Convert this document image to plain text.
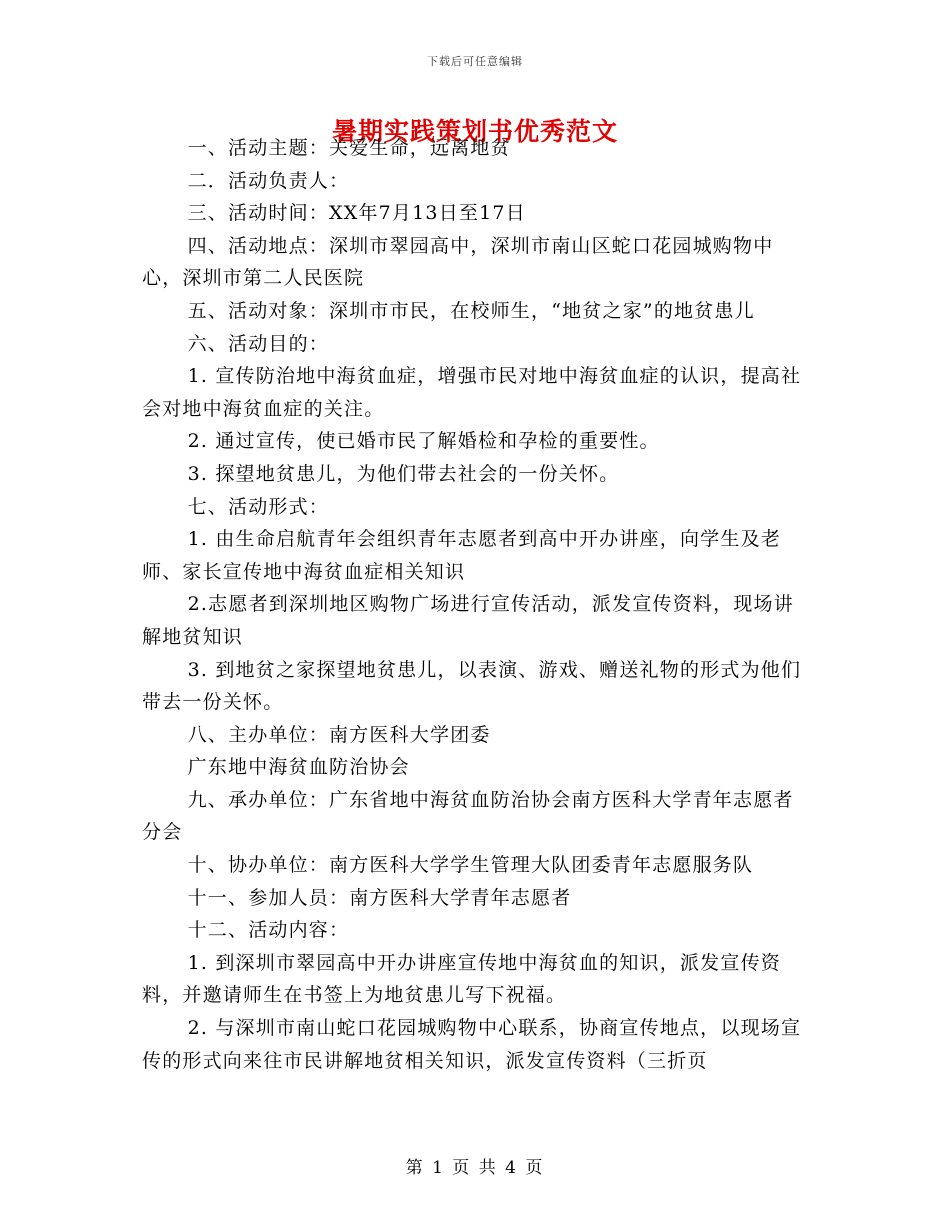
下载后可任意编辑
暑期实践策划书优秀范文

一、活动主题：关爱生命，远离地贫

二．活动负责人：

三、活动时间：XX年7月13日至17日

四、活动地点：深圳市翠园高中，深圳市南山区蛇口花园城购物中心，深圳市第二人民医院

五、活动对象：深圳市市民，在校师生，“地贫之家”的地贫患儿

六、活动目的：

1. 宣传防治地中海贫血症，增强市民对地中海贫血症的认识，提高社会对地中海贫血症的关注。

2. 通过宣传，使已婚市民了解婚检和孕检的重要性。

3. 探望地贫患儿，为他们带去社会的一份关怀。

七、活动形式：

1. 由生命启航青年会组织青年志愿者到高中开办讲座，向学生及老师、家长宣传地中海贫血症相关知识

2.志愿者到深圳地区购物广场进行宣传活动，派发宣传资料，现场讲解地贫知识

3. 到地贫之家探望地贫患儿，以表演、游戏、赠送礼物的形式为他们带去一份关怀。

八、主办单位：南方医科大学团委

广东地中海贫血防治协会

九、承办单位：广东省地中海贫血防治协会南方医科大学青年志愿者分会

十、协办单位：南方医科大学学生管理大队团委青年志愿服务队

十一、参加人员：南方医科大学青年志愿者

十二、活动内容：

1. 到深圳市翠园高中开办讲座宣传地中海贫血的知识，派发宣传资料，并邀请师生在书签上为地贫患儿写下祝福。

2. 与深圳市南山蛇口花园城购物中心联系，协商宣传地点，以现场宣传的形式向来往市民讲解地贫相关知识，派发宣传资料（三折页

第 1 页 共 4 页
